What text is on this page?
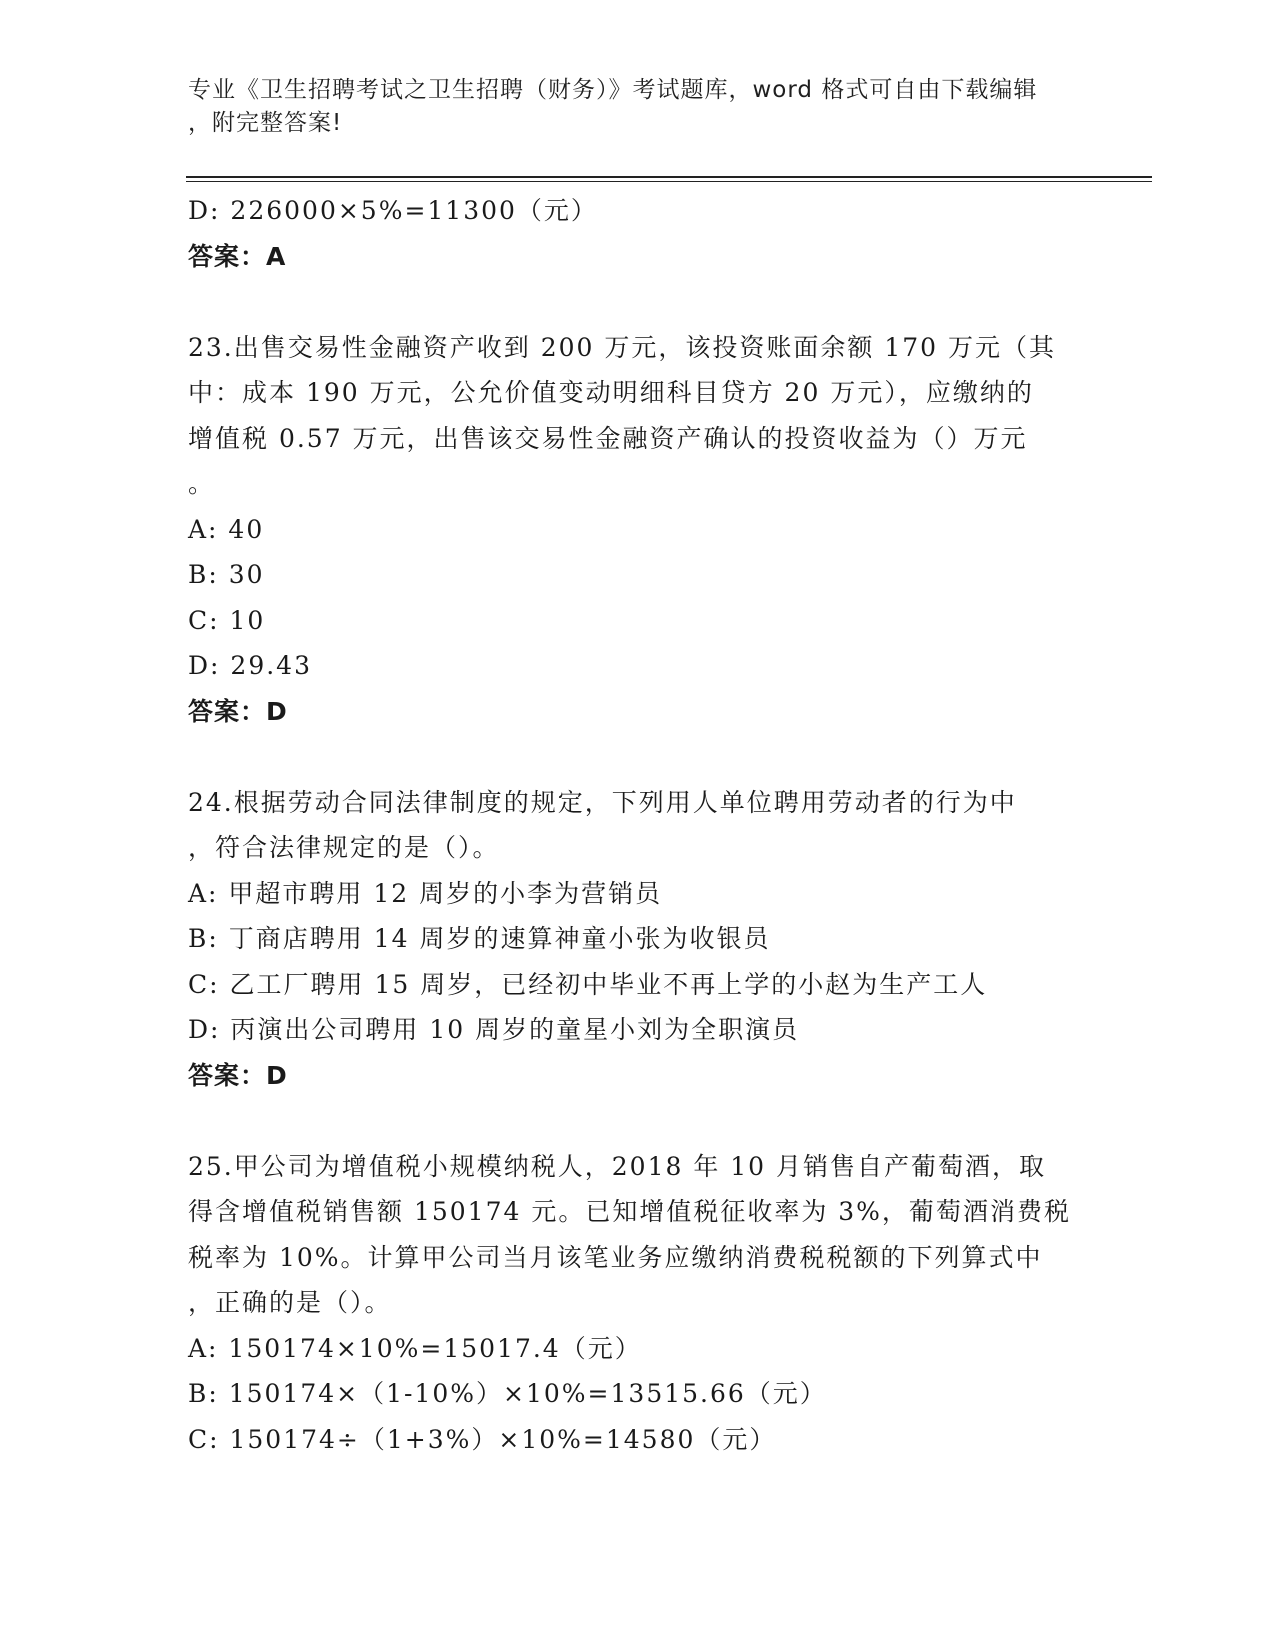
专业《卫生招聘考试之卫生招聘（财务）》考试题库，word 格式可自由下载编辑
，附完整答案!
D: 226000×5%=11300（元）
答案：A
23.出售交易性金融资产收到 200 万元，该投资账面余额 170 万元（其
中：成本 190 万元，公允价值变动明细科目贷方 20 万元），应缴纳的
增值税 0.57 万元，出售该交易性金融资产确认的投资收益为（）万元
。
A: 40
B: 30
C: 10
D: 29.43
答案：D
24.根据劳动合同法律制度的规定，下列用人单位聘用劳动者的行为中
，符合法律规定的是（）。
A: 甲超市聘用 12 周岁的小李为营销员
B: 丁商店聘用 14 周岁的速算神童小张为收银员
C: 乙工厂聘用 15 周岁，已经初中毕业不再上学的小赵为生产工人
D: 丙演出公司聘用 10 周岁的童星小刘为全职演员
答案：D
25.甲公司为增值税小规模纳税人，2018 年 10 月销售自产葡萄酒，取
得含增值税销售额 150174 元。已知增值税征收率为 3%，葡萄酒消费税
税率为 10%。计算甲公司当月该笔业务应缴纳消费税税额的下列算式中
，正确的是（）。
A: 150174×10%=15017.4（元）
B: 150174×（1-10%）×10%=13515.66（元）
C: 150174÷（1+3%）×10%=14580（元）
